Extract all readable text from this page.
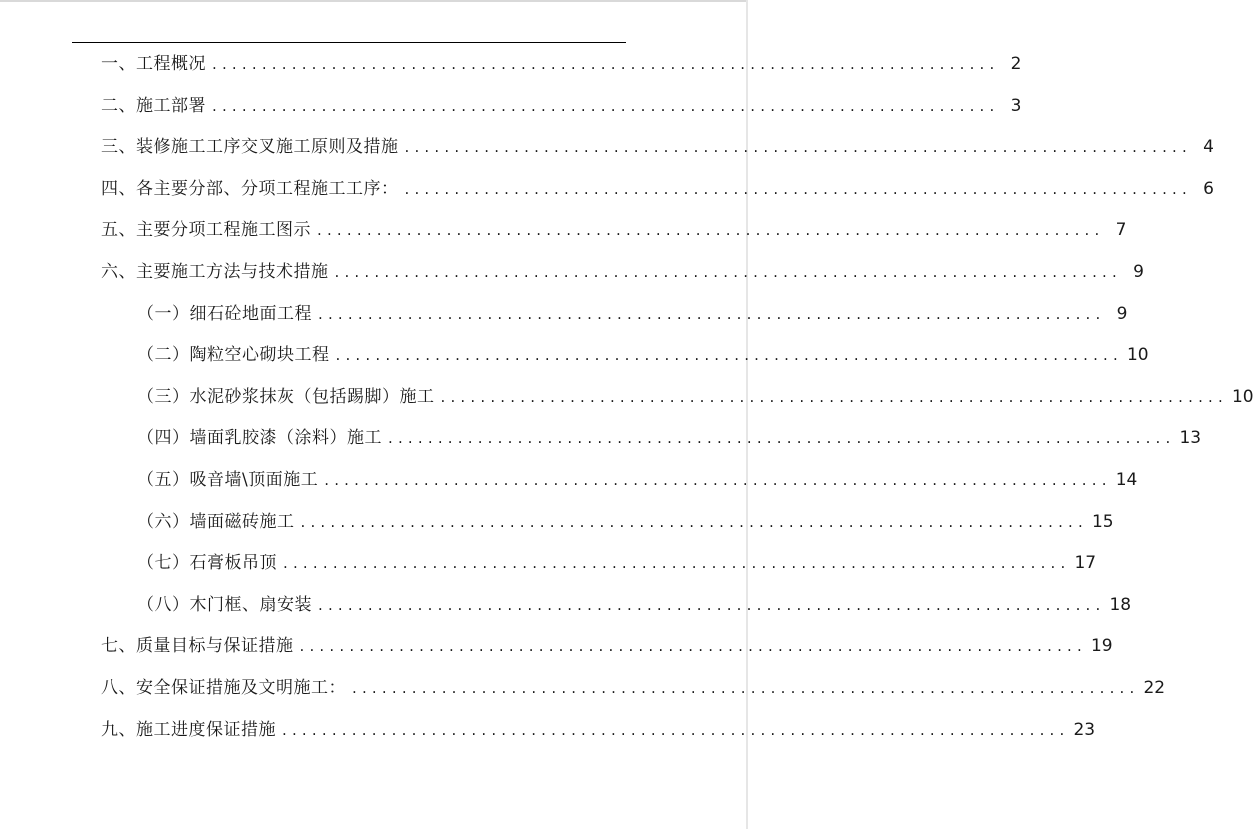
一、工程概况 ............................................................................... 2
二、施工部署 ............................................................................... 3
三、装修施工工序交叉施工原则及措施 ............................................................................... 4
四、各主要分部、分项工程施工工序： ............................................................................... 6
五、主要分项工程施工图示 ............................................................................... 7
六、主要施工方法与技术措施 ............................................................................... 9
（一）细石砼地面工程 ............................................................................... 9
（二）陶粒空心砌块工程 ............................................................................... 10
（三）水泥砂浆抹灰（包括踢脚）施工 ............................................................................... 10
（四）墙面乳胶漆（涂料）施工 ............................................................................... 13
（五）吸音墙\顶面施工 ............................................................................... 14
（六）墙面磁砖施工 ............................................................................... 15
（七）石膏板吊顶 ............................................................................... 17
（八）木门框、扇安装 ............................................................................... 18
七、质量目标与保证措施 ............................................................................... 19
八、安全保证措施及文明施工： ............................................................................... 22
九、施工进度保证措施 ............................................................................... 23
